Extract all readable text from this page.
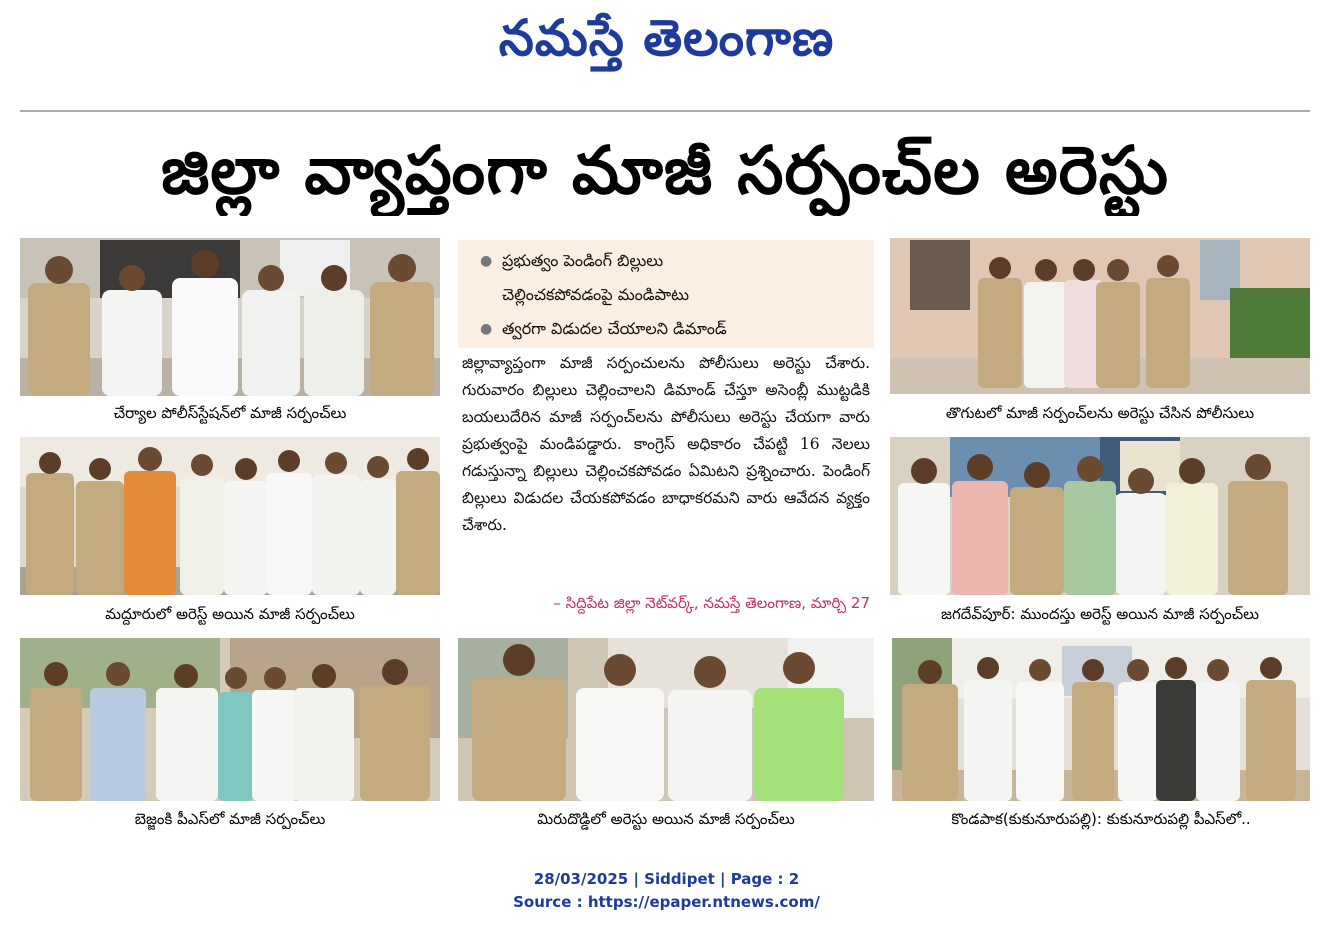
నమస్తే తెలంగాణ
జిల్లా వ్యాప్తంగా మాజీ సర్పంచ్‌ల అరెస్టు
చేర్యాల పోలీస్‌స్టేషన్‌లో మాజీ సర్పంచ్‌లు
● ప్రభుత్వం పెండింగ్ బిల్లులు
చెల్లించకపోవడంపై మండిపాటు
● త్వరగా విడుదల చేయాలని డిమాండ్

జిల్లావ్యాప్తంగా మాజీ సర్పంచులను పోలీసులు అరెస్టు చేశారు. గురువారం బిల్లులు చెల్లించాలని డిమాండ్ చేస్తూ అసెంబ్లీ ముట్టడికి బయలుదేరిన మాజీ సర్పంచ్‌లను పోలీసులు అరెస్టు చేయగా వారు ప్రభుత్వంపై మండిపడ్డారు. కాంగ్రెస్ అధికారం చేపట్టి 16 నెలలు గడుస్తున్నా బిల్లులు చెల్లించకపోవడం ఏమిటని ప్రశ్నించారు. పెండింగ్ బిల్లులు విడుదల చేయకపోవడం బాధాకరమని వారు ఆవేదన వ్యక్తం చేశారు.

– సిద్దిపేట జిల్లా నెట్‌వర్క్, నమస్తే తెలంగాణ, మార్చి 27
తొగుటలో మాజీ సర్పంచ్‌లను అరెస్టు చేసిన పోలీసులు
మద్దూరులో అరెస్ట్ అయిన మాజీ సర్పంచ్‌లు	జగదేవ్‌పూర్: ముందస్తు అరెస్ట్ అయిన మాజీ సర్పంచ్‌లు
బెజ్జంకి పీఎస్‌లో మాజీ సర్పంచ్‌లు	మిరుదొడ్డిలో అరెస్టు అయిన మాజీ సర్పంచ్‌లు	కొండపాక(కుకునూరుపల్లి): కుకునూరుపల్లి పీఎస్‌లో..
28/03/2025 | Siddipet | Page : 2
Source : https://epaper.ntnews.com/
